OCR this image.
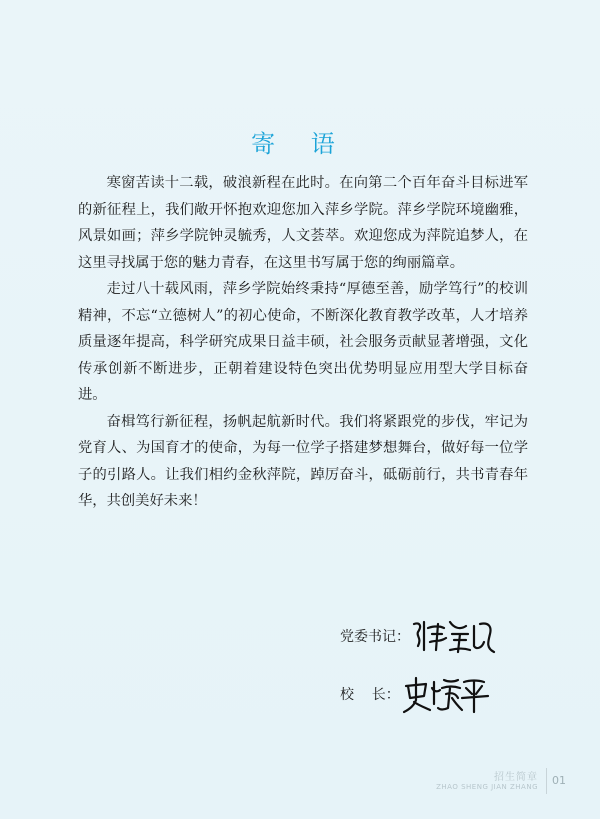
寄 语

寒窗苦读十二载，破浪新程在此时。在向第二个百年奋斗目标进军的新征程上，我们敞开怀抱欢迎您加入萍乡学院。萍乡学院环境幽雅，风景如画；萍乡学院钟灵毓秀，人文荟萃。欢迎您成为萍院追梦人，在这里寻找属于您的魅力青春，在这里书写属于您的绚丽篇章。

走过八十载风雨，萍乡学院始终秉持“厚德至善，励学笃行”的校训精神，不忘“立德树人”的初心使命，不断深化教育教学改革，人才培养质量逐年提高，科学研究成果日益丰硕，社会服务贡献显著增强，文化传承创新不断进步，正朝着建设特色突出优势明显应用型大学目标奋进。

奋楫笃行新征程，扬帆起航新时代。我们将紧跟党的步伐，牢记为党育人、为国育才的使命，为每一位学子搭建梦想舞台，做好每一位学子的引路人。让我们相约金秋萍院，踔厉奋斗，砥砺前行，共书青春年华，共创美好未来！

党委书记：
校    长：
招生简章
ZHAO SHENG JIAN ZHANG 01
